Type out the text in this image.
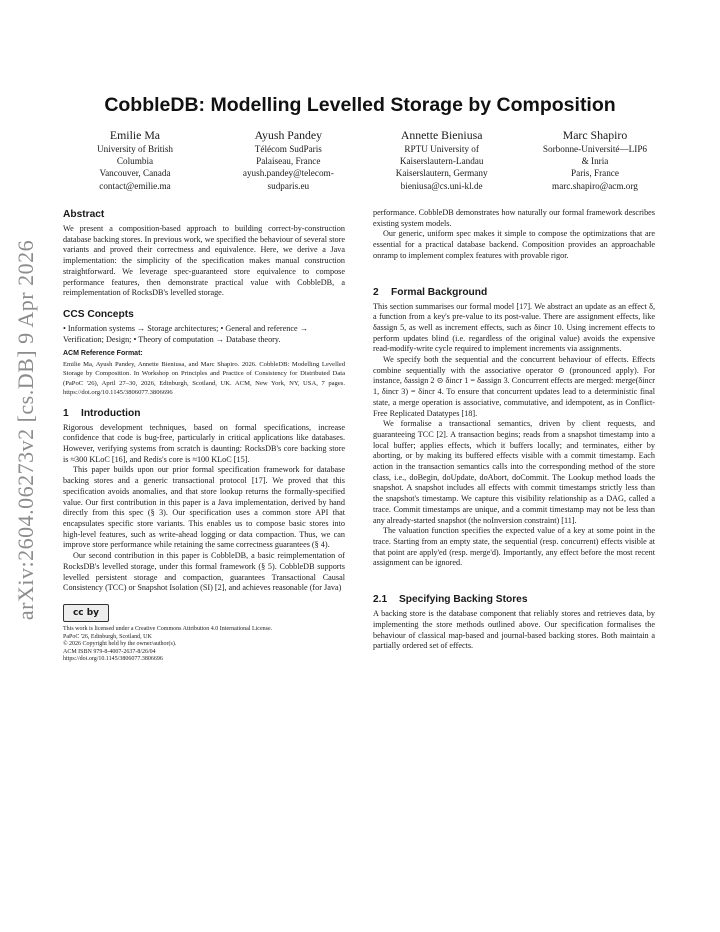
arXiv:2604.06273v2 [cs.DB] 9 Apr 2026
CobbleDB: Modelling Levelled Storage by Composition
Emilie Ma
University of British
Columbia
Vancouver, Canada
contact@emilie.ma
Ayush Pandey
Télécom SudParis
Palaiseau, France
ayush.pandey@telecom-
sudparis.eu
Annette Bieniusa
RPTU University of
Kaiserslautern-Landau
Kaiserslautern, Germany
bieniusa@cs.uni-kl.de
Marc Shapiro
Sorbonne-Université—LIP6
& Inria
Paris, France
marc.shapiro@acm.org
Abstract

We present a composition-based approach to building correct-by-construction database backing stores. In previous work, we specified the behaviour of several store variants and proved their correctness and equivalence. Here, we derive a Java implementation: the simplicity of the specification makes manual construction straightforward. We leverage spec-guaranteed store equivalence to compose performance features, then demonstrate practical value with CobbleDB, a reimplementation of RocksDB's levelled storage.

CCS Concepts

• Information systems → Storage architectures; • General and reference → Verification; Design; • Theory of computation → Database theory.

ACM Reference Format:

Emilie Ma, Ayush Pandey, Annette Bieniusa, and Marc Shapiro. 2026. CobbleDB: Modelling Levelled Storage by Composition. In Workshop on Principles and Practice of Consistency for Distributed Data (PaPoC '26), April 27–30, 2026, Edinburgh, Scotland, UK. ACM, New York, NY, USA, 7 pages. https://doi.org/10.1145/3806077.3806696

1 Introduction

Rigorous development techniques, based on formal specifications, increase confidence that code is bug-free, particularly in critical applications like databases. However, verifying systems from scratch is daunting: RocksDB's core backing store is ≈300 KLoC [16], and Redis's core is ≈100 KLoC [15].

This paper builds upon our prior formal specification framework for database backing stores and a generic transactional protocol [17]. We proved that this specification avoids anomalies, and that store lookup returns the formally-specified value. Our first contribution in this paper is a Java implementation, derived by hand directly from this spec (§ 3). Our specification uses a common store API that encapsulates specific store variants. This enables us to compose basic stores into high-level features, such as write-ahead logging or data compaction. Thus, we can improve store performance while retaining the same correctness guarantees (§ 4).

Our second contribution in this paper is CobbleDB, a basic reimplementation of RocksDB's levelled storage, under this formal framework (§ 5). CobbleDB supports levelled persistent storage and compaction, guarantees Transactional Causal Consistency (TCC) or Snapshot Isolation (SI) [2], and achieves reasonable (for Java)

cc by
This work is licensed under a Creative Commons Attribution 4.0 International License.
PaPoC '26, Edinburgh, Scotland, UK
© 2026 Copyright held by the owner/author(s).
ACM ISBN 979-8-4007-2637-8/26/04
https://doi.org/10.1145/3806077.3806696

performance. CobbleDB demonstrates how naturally our formal framework describes existing system models.

Our generic, uniform spec makes it simple to compose the optimizations that are essential for a practical database backend. Composition provides an approachable onramp to implement complex features with provable rigor.

2 Formal Background

This section summarises our formal model [17]. We abstract an update as an effect δ, a function from a key's pre-value to its post-value. There are assignment effects, like δassign 5, as well as increment effects, such as δincr 10. Using increment effects to perform updates blind (i.e. regardless of the original value) avoids the expensive read-modify-write cycle required to implement increments via assignments.

We specify both the sequential and the concurrent behaviour of effects. Effects combine sequentially with the associative operator ⊙ (pronounced apply). For instance, δassign 2 ⊙ δincr 1 = δassign 3. Concurrent effects are merged: merge(δincr 1, δincr 3) = δincr 4. To ensure that concurrent updates lead to a deterministic final state, a merge operation is associative, commutative, and idempotent, as in Conflict-Free Replicated Datatypes [18].

We formalise a transactional semantics, driven by client requests, and guaranteeing TCC [2]. A transaction begins; reads from a snapshot timestamp into a local buffer; applies effects, which it buffers locally; and terminates, either by aborting, or by making its buffered effects visible with a commit timestamp. Each action in the transaction semantics calls into the corresponding method of the store class, i.e., doBegin, doUpdate, doAbort, doCommit. The Lookup method loads the snapshot. A snapshot includes all effects with commit timestamps strictly less than the snapshot's timestamp. We capture this visibility relationship as a DAG, called a trace. Commit timestamps are unique, and a commit timestamp may not be less than any already-started snapshot (the noInversion constraint) [11].

The valuation function specifies the expected value of a key at some point in the trace. Starting from an empty state, the sequential (resp. concurrent) effects visible at that point are apply'ed (resp. merge'd). Importantly, any effect before the most recent assignment can be ignored.

2.1 Specifying Backing Stores

A backing store is the database component that reliably stores and retrieves data, by implementing the store methods outlined above. Our specification formalises the behaviour of classical map-based and journal-based backing stores. Both maintain a partially ordered set of effects.
